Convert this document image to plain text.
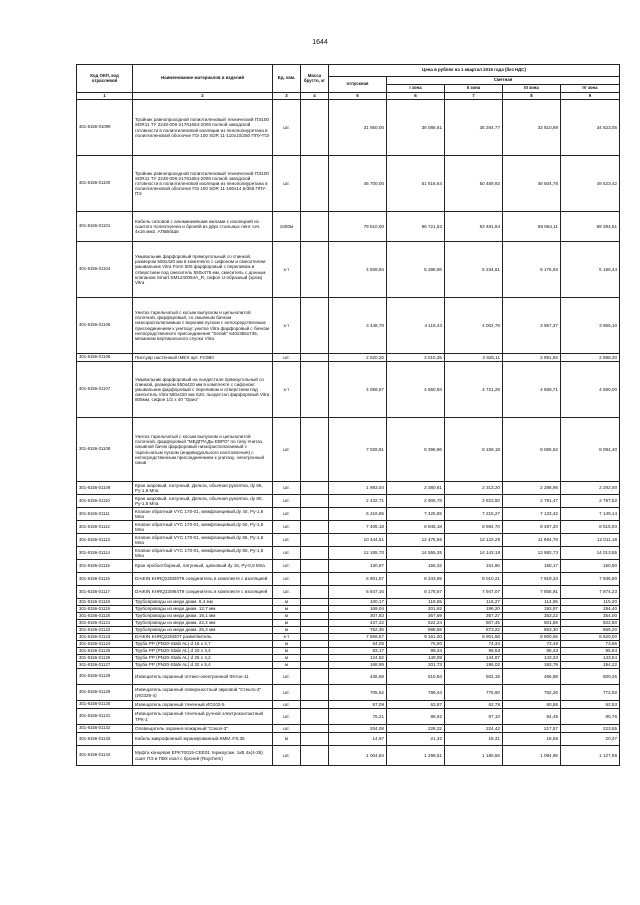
1644
Код ОКП, код отраслевой	Наименование материалов и изделий	Ед. изм.	Масса брутто, кг	Цена в рублях на 1 квартал 2016 года (без НДС)				
				отпускная	Сметная			
					I зона	II зона	III зона	IV зона
1	2	3	4	5	6	7	8	9
301-8156-01099	Тройник равнопроходной полиэтиленовый технический ПЭ100 SDR11 ТУ 2248-006-21761654-2008 полной заводской готовности в полиэтиленовой изоляции из пенополиуретана в полиэтиленовой оболочке ПЭ 100 SDR 11-110х10/250 ППУ-ПЭ	шт.		31 950,00	36 086,61	35 264,77	33 810,89	34 623,05
301-8156-01100	Тройник равнопроходной полиэтиленовый технический ПЭ100 SDR11 ТУ 2248-006-21761654-2008 полной заводской готовности в полиэтиленовой изоляции из пенополиуретана в полиэтиленовой оболочке ПЭ 100 SDR 11-160х14,6/365 ППУ-ПЭ	шт.		45 700,00	51 616,64	50 459,92	48 504,78	49 523,42
301-8156-01101	Кабель силовой с алюминиевыми жилами с изоляцией из сшитого полиэтилена и бронёй из двух стальных лент сеч. 4х16 мм2, АПвБбШв	1000м		79 510,00	86 721,53	83 481,64	86 864,11	89 394,51
301-8156-01104	Умывальник фарфоровый прямоугольный со спинкой, размером 550х420 мм в комплекте с сифоном и смесителем: умывальник Vitra Form 500 фарфоровый с переливом и отверстием под смеситель 550х475 мм, смеситель с донным клапаном Smart SM1240064A_R, сифон U-образный (хром) Vitra	к-т		4 509,94	5 288,96	5 234,61	5 175,93	5 186,44
301-8156-01105	Унитаз тарельчатый с косым выпуском и цельнолитой полочкой, фарфоровый, со смывным бачком низкорасполагаемым с верхним пуском с непосредственным присоединением к унитазу: унитаз Vitra фарфоровый с бачком непосредственного присоединения "Serlak" 640х355х735, механизм вертикального спуска Vitra	к-т		3 448,78	4 119,43	4 002,78	3 957,37	3 966,10
301-8156-01106	Писсуар настенный IMEX арт. FC980	шт.		2 520,26	3 010,35	2 925,11	2 891,92	2 898,30
301-8156-01107	Умывальник фарфоровый на пьедестале прямоугольный со спинкой, размером 550х420 мм в комплекте с сифоном: умывальник фарфоровый с переливом и отверстием под смеситель Vitra 550х420 мм S20, пьедестал фарфоровый Vitra 805мм, сифон 1/2 х 40 "Орио"	к-т		4 058,57	4 860,94	4 721,29	4 669,71	4 680,00
301-8156-01108	Унитаз тарельчатый с косым выпуском и цельнолитой полочкой, фарфоровый "МЕДГРАДЬ-ЕВРО" по типу Унитаз, смывной бачок фарфоровый низкорасполагаемый с тарельчатым пуском (индивидуального изготовления) с непосредственным присоединением к унитазу, электронный смыв	шт.		7 029,91	8 396,96	8 159,18	8 066,62	8 084,40
301-8156-01109	Кран шаровый, латунный, Дельта, обычная рукоятка, dy 65, Py-1,6 Mпа	шт.		1 993,04	2 380,61	2 313,20	2 286,96	2 292,00
301-8156-01110	Кран шаровый, латунный, Дельта, обычная рукоятка, dy 80, Py-1,6 Mпа	шт.		2 432,71	2 905,78	2 823,50	2 791,47	2 797,62
301-8156-01111	Клапан обратный VYC 170-01, межфланцевый,dy 40, Py-1,6 Mпа	шт.		6 216,65	7 425,55	7 215,27	7 133,42	7 149,14
301-8156-01112	Клапан обратный VYC 170-01, межфланцевый,dy 50, Py-1,6 Mпа	шт.		7 405,18	8 845,18	8 594,70	8 497,20	8 515,93
301-8156-01113	Клапан обратный VYC 170-01, межфланцевый,dy 65, Py-1,6 Mпа	шт.		10 444,51	12 475,56	12 122,29	11 984,76	12 011,18
301-8156-01114	Клапан обратный VYC 170-01, межфланцевый,dy 80, Py-1,6 Mпа	шт.		12 165,70	14 555,35	14 143,18	13 982,73	14 013,55
301-8156-01115	Кран пробоотборный, латунный, цапковый dy 15, Py-0,6 Mпа	шт.		130,87	156,32	151,90	150,17	150,50
301-8156-01116	DAIKIN KHRQ22M29T9 соединитель в комплекте с изоляцией	шт.		6 901,57	8 243,55	8 010,21	7 919,34	7 936,80
301-8156-01117	DAIKIN KHRQ22M64T9 соединитель в комплекте с изоляцией	шт.		6 847,16	8 178,57	7 947,07	7 856,91	7 874,23
301-8156-01118	Трубопроводы из меди диам. 6,4 мм	м		100,17	119,65	116,27	114,95	115,20
301-8156-01119	Трубопроводы из меди диам. 12,7 мм	м		169,04	201,92	196,20	193,97	194,40
301-8156-01120	Трубопроводы из меди диам. 19,1 мм	м		307,83	367,69	357,27	353,22	354,00
301-8156-01121	Трубопроводы из меди диам. 22,2 мм	м		437,22	522,24	507,45	501,69	502,80
301-8156-01122	Трубопроводы из меди диам. 25,4 мм	м		752,35	898,65	873,22	863,30	865,20
301-8156-01123	DAIKIN KHRQ22M20T разветвитель	к-т		7 669,57	9 161,00	8 901,68	8 800,65	8 820,00
301-8156-01124	Труба PP (PN20-Stabi AL) d 16 х 2,7	м		64,05	76,50	74,34	73,49	73,66
301-8156-01125	Труба PP (PN20-Stabi AL) d 20 х 3,4	м		83,17	99,34	96,53	95,43	95,64
301-8156-01126	Труба PP (PN20-Stabi AL) d 25 х 4,2	м		124,82	149,09	144,87	143,23	143,54
301-8156-01127	Труба PP (PN20-Stabi AL) d 32 х 5,4	м		168,89	201,73	196,02	193,79	194,22
301-8156-01128	Извещатель охранный оптико-электронный Фотон-11	шт.		436,69	510,94	502,19	486,88	509,25
301-8156-01129	Извещатель охранный поверхностный звуковой "Стекло-3" (ИО329-4)	шт.		705,62	789,44	775,90	752,26	772,92
301-8156-01130	Извещатель охранный точечный ИО102-5	шт.		57,09	63,87	62,78	60,86	62,53
301-8156-01131	Извещатель охранный точечный ручной электроконтактный ТРК-1	шт.		79,21	88,62	87,10	84,45	86,76
301-8156-01132	Оповещатель охранно-пожарный "Сокол-3"	шт.		204,08	228,32	224,42	217,57	223,55
301-8156-01133	Кабель микрофонный экранированный КММ 4*0,35	м		14,97	21,32	18,31	18,56	20,47
301-8156-01134	Муфта концевая EPKT0015-CEE01 термоусаж. 1кВ 4х(4-35) сшит ПЭ и ПВХ изол с броней (Raychem)	шт.		1 004,84	1 298,51	1 180,56	1 094,96	1 127,69
